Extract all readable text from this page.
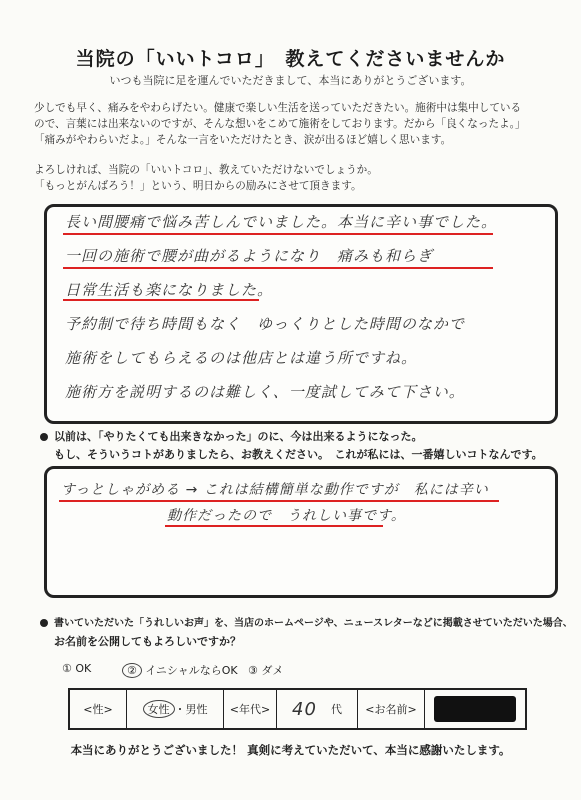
当院の「いいトコロ」　教えてくださいませんか
いつも当院に足を運んでいただきまして、本当にありがとうございます。

少しでも早く、痛みをやわらげたい。健康で楽しい生活を送っていただきたい。施術中は集中している

ので、言葉には出来ないのですが、そんな想いをこめて施術をしております。だから「良くなったよ。」

「痛みがやわらいだよ。」そんな一言をいただけたとき、涙が出るほど嬉しく思います。

よろしければ、当院の「いいトコロ」、教えていただけないでしょうか。

「もっとがんばろう！」という、明日からの励みにさせて頂きます。

長い間腰痛で悩み苦しんでいました。本当に辛い事でした。
一回の施術で腰が曲がるようになり　痛みも和らぎ
日常生活も楽になりました。
予約制で待ち時間もなく　ゆっくりとした時間のなかで
施術をしてもらえるのは他店とは違う所ですね。
施術方を説明するのは難しく、一度試してみて下さい。
以前は、「やりたくても出来きなかった」のに、今は出来るようになった。
もし、そういうコトがありましたら、お教えください。　これが私には、一番嬉しいコトなんです。
すっとしゃがめる → これは結構簡単な動作ですが　私には辛い
動作だったので　うれしい事です。
書いていただいた「うれしいお声」を、当店のホームページや、ニュースレターなどに掲載させていただいた場合、
お名前を公開してもよろしいですか？
① OK	② イニシャルならOK ③ ダメ
<性>	女性 ・ 男性	<年代>	40 代	<お名前>
本当にありがとうございました！ 真剣に考えていただいて、本当に感謝いたします。
